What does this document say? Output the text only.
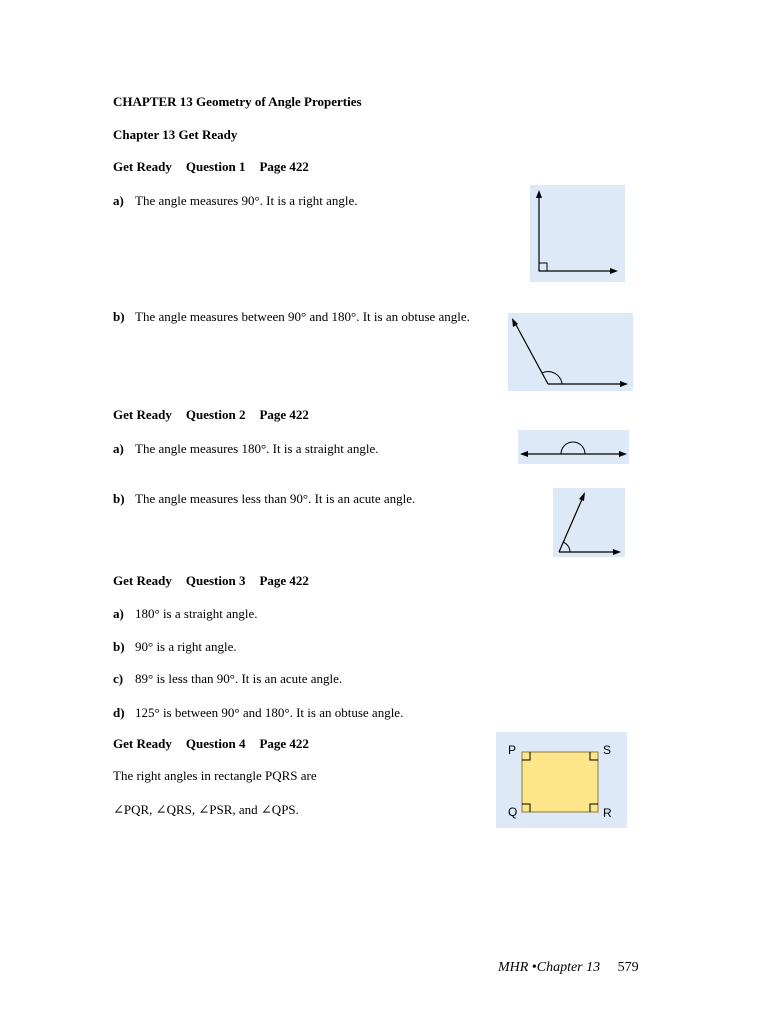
CHAPTER 13 Geometry of Angle Properties
Chapter 13 Get Ready
Get Ready Question 1 Page 422
a) The angle measures 90°. It is a right angle.
b) The angle measures between 90° and 180°. It is an obtuse angle.
Get Ready Question 2 Page 422
a) The angle measures 180°. It is a straight angle.
b) The angle measures less than 90°. It is an acute angle.
Get Ready Question 3 Page 422
a) 180° is a straight angle.
b) 90° is a right angle.
c) 89° is less than 90°. It is an acute angle.
d) 125° is between 90° and 180°. It is an obtuse angle.
Get Ready Question 4 Page 422
The right angles in rectangle PQRS are
∠PQR, ∠QRS, ∠PSR, and ∠QPS.
P	S
Q	R
MHR •Chapter 13 579
